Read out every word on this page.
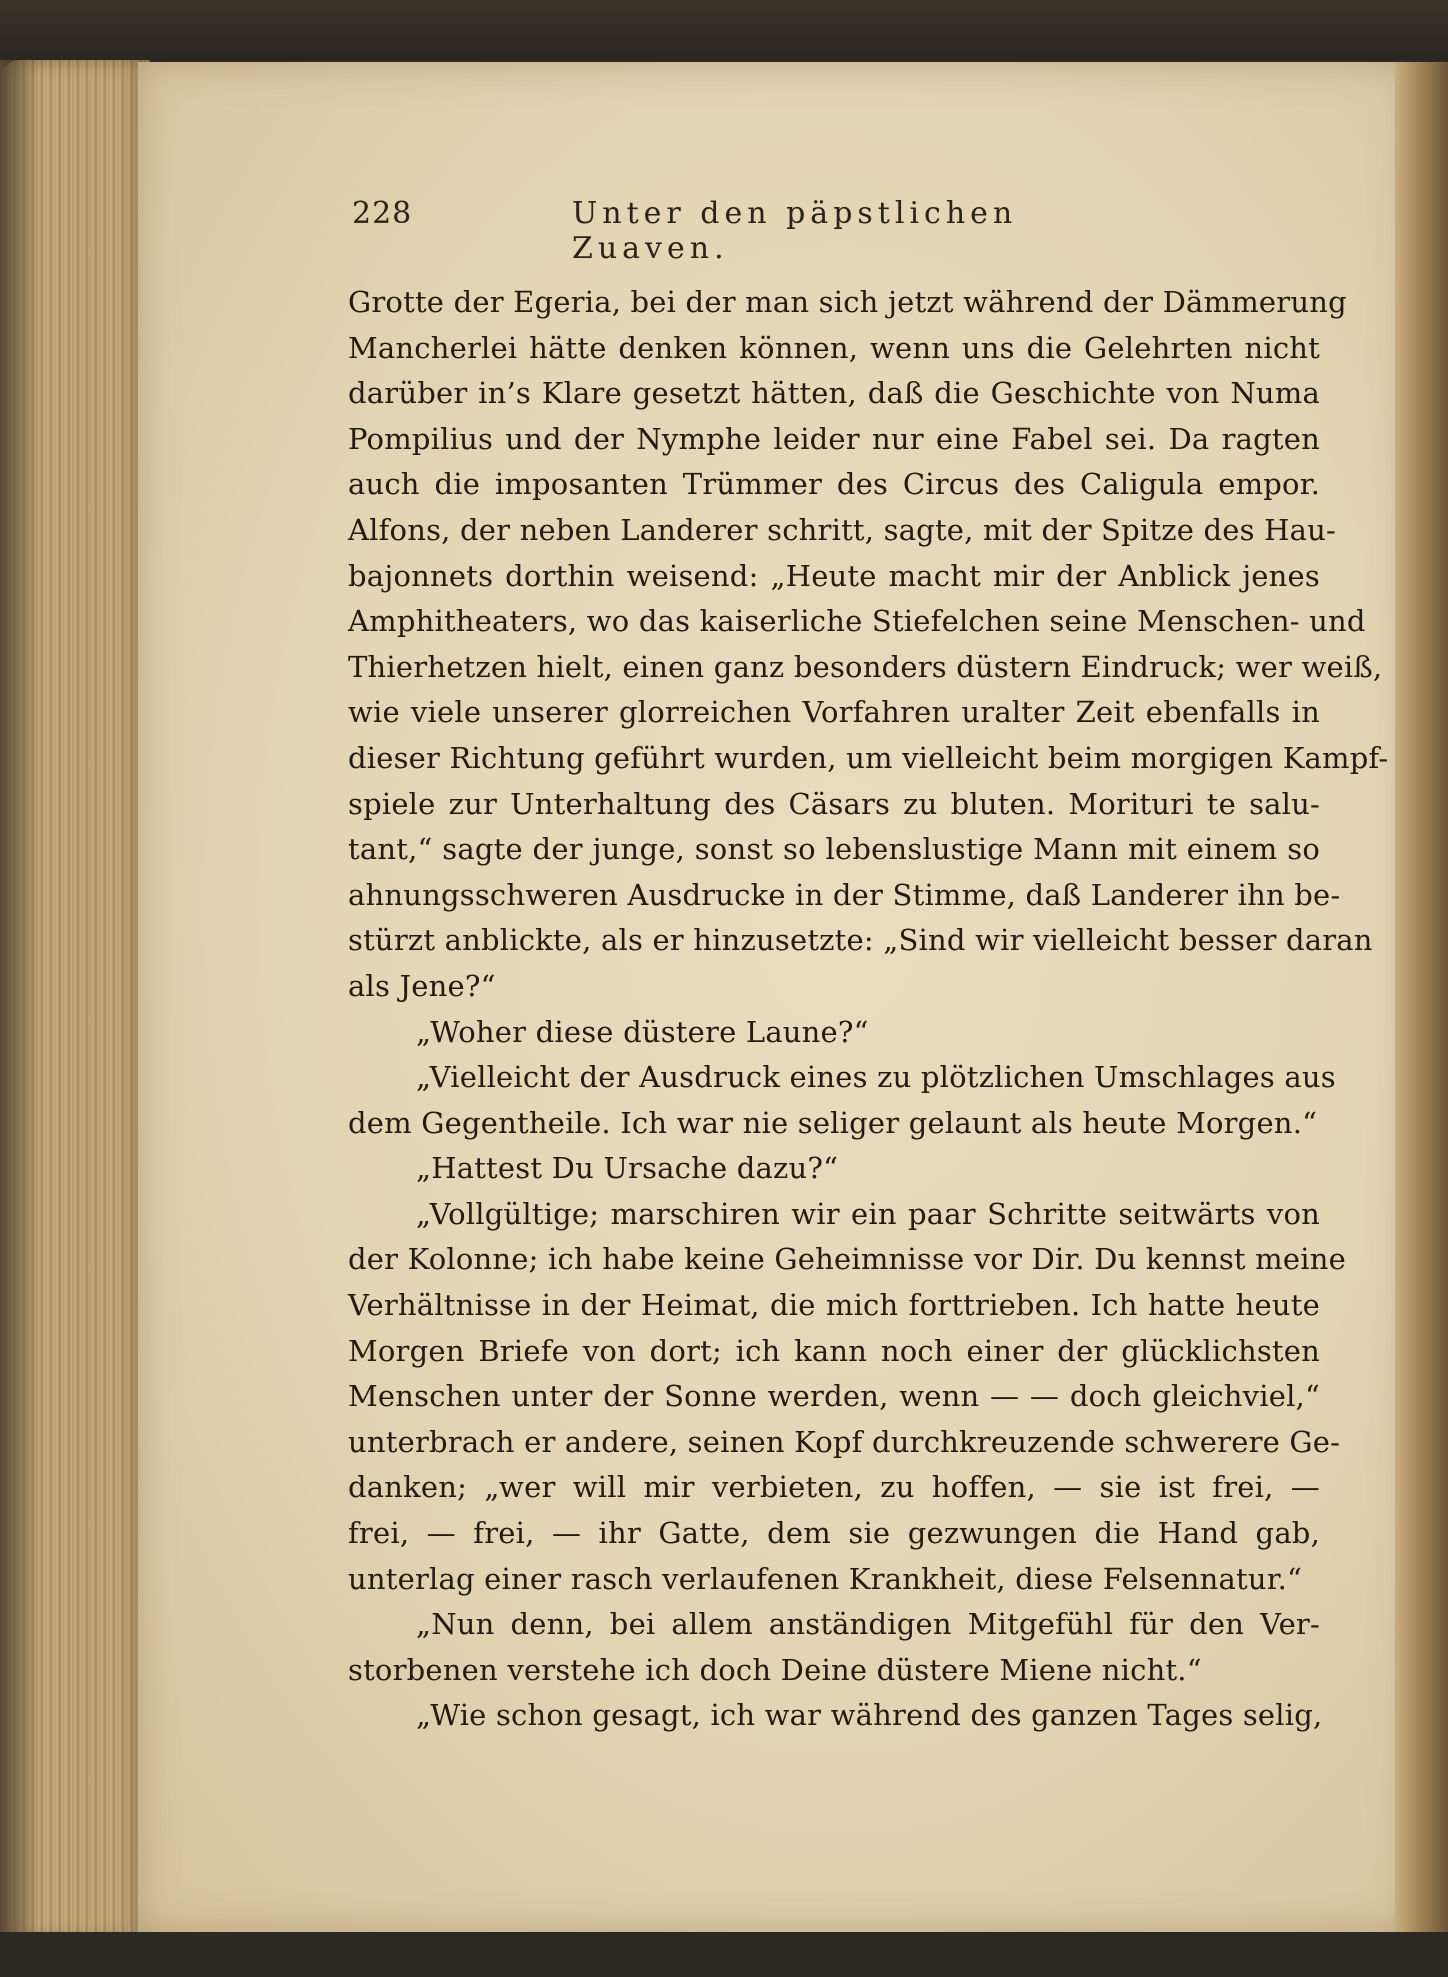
228	Unter den päpstlichen Zuaven.
Grotte der Egeria, bei der man sich jetzt während der Dämmerung
Mancherlei hätte denken können, wenn uns die Gelehrten nicht
darüber in’s Klare gesetzt hätten, daß die Geschichte von Numa
Pompilius und der Nymphe leider nur eine Fabel sei. Da ragten
auch die imposanten Trümmer des Circus des Caligula empor.
Alfons, der neben Landerer schritt, sagte, mit der Spitze des Hau-
bajonnets dorthin weisend: „Heute macht mir der Anblick jenes
Amphitheaters, wo das kaiserliche Stiefelchen seine Menschen- und
Thierhetzen hielt, einen ganz besonders düstern Eindruck; wer weiß,
wie viele unserer glorreichen Vorfahren uralter Zeit ebenfalls in
dieser Richtung geführt wurden, um vielleicht beim morgigen Kampf-
spiele zur Unterhaltung des Cäsars zu bluten. Morituri te salu-
tant,“ sagte der junge, sonst so lebenslustige Mann mit einem so
ahnungsschweren Ausdrucke in der Stimme, daß Landerer ihn be-
stürzt anblickte, als er hinzusetzte: „Sind wir vielleicht besser daran
als Jene?“
„Woher diese düstere Laune?“
„Vielleicht der Ausdruck eines zu plötzlichen Umschlages aus
dem Gegentheile. Ich war nie seliger gelaunt als heute Morgen.“
„Hattest Du Ursache dazu?“
„Vollgültige; marschiren wir ein paar Schritte seitwärts von
der Kolonne; ich habe keine Geheimnisse vor Dir. Du kennst meine
Verhältnisse in der Heimat, die mich forttrieben. Ich hatte heute
Morgen Briefe von dort; ich kann noch einer der glücklichsten
Menschen unter der Sonne werden, wenn — — doch gleichviel,“
unterbrach er andere, seinen Kopf durchkreuzende schwerere Ge-
danken; „wer will mir verbieten, zu hoffen, — sie ist frei, —
frei, — frei, — ihr Gatte, dem sie gezwungen die Hand gab,
unterlag einer rasch verlaufenen Krankheit, diese Felsennatur.“
„Nun denn, bei allem anständigen Mitgefühl für den Ver-
storbenen verstehe ich doch Deine düstere Miene nicht.“
„Wie schon gesagt, ich war während des ganzen Tages selig,
